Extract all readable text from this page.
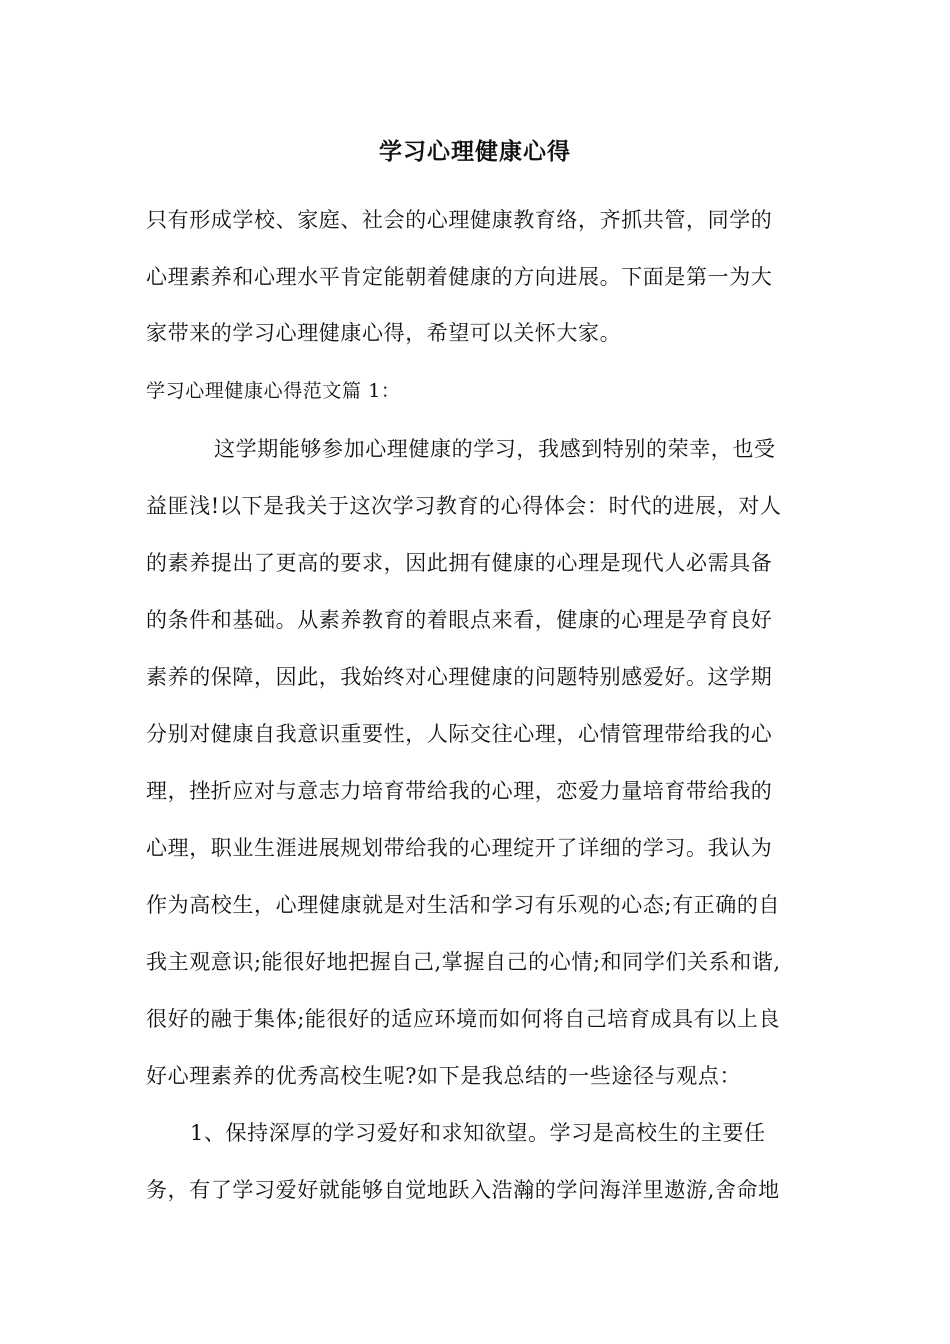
学习心理健康心得
只有形成学校、家庭、社会的心理健康教育络，齐抓共管，同学的
心理素养和心理水平肯定能朝着健康的方向进展。下面是第一为大
家带来的学习心理健康心得，希望可以关怀大家。
学习心理健康心得范文篇 1：
这学期能够参加心理健康的学习，我感到特别的荣幸，也受
益匪浅!以下是我关于这次学习教育的心得体会：时代的进展，对人
的素养提出了更高的要求，因此拥有健康的心理是现代人必需具备
的条件和基础。从素养教育的着眼点来看，健康的心理是孕育良好
素养的保障，因此，我始终对心理健康的问题特别感爱好。这学期
分别对健康自我意识重要性，人际交往心理，心情管理带给我的心
理，挫折应对与意志力培育带给我的心理，恋爱力量培育带给我的
心理，职业生涯进展规划带给我的心理绽开了详细的学习。我认为
作为高校生，心理健康就是对生活和学习有乐观的心态;有正确的自
我主观意识;能很好地把握自己,掌握自己的心情;和同学们关系和谐,
很好的融于集体;能很好的适应环境而如何将自己培育成具有以上良
好心理素养的优秀高校生呢?如下是我总结的一些途径与观点：
1、保持深厚的学习爱好和求知欲望。学习是高校生的主要任
务，有了学习爱好就能够自觉地跃入浩瀚的学问海洋里遨游,舍命地
